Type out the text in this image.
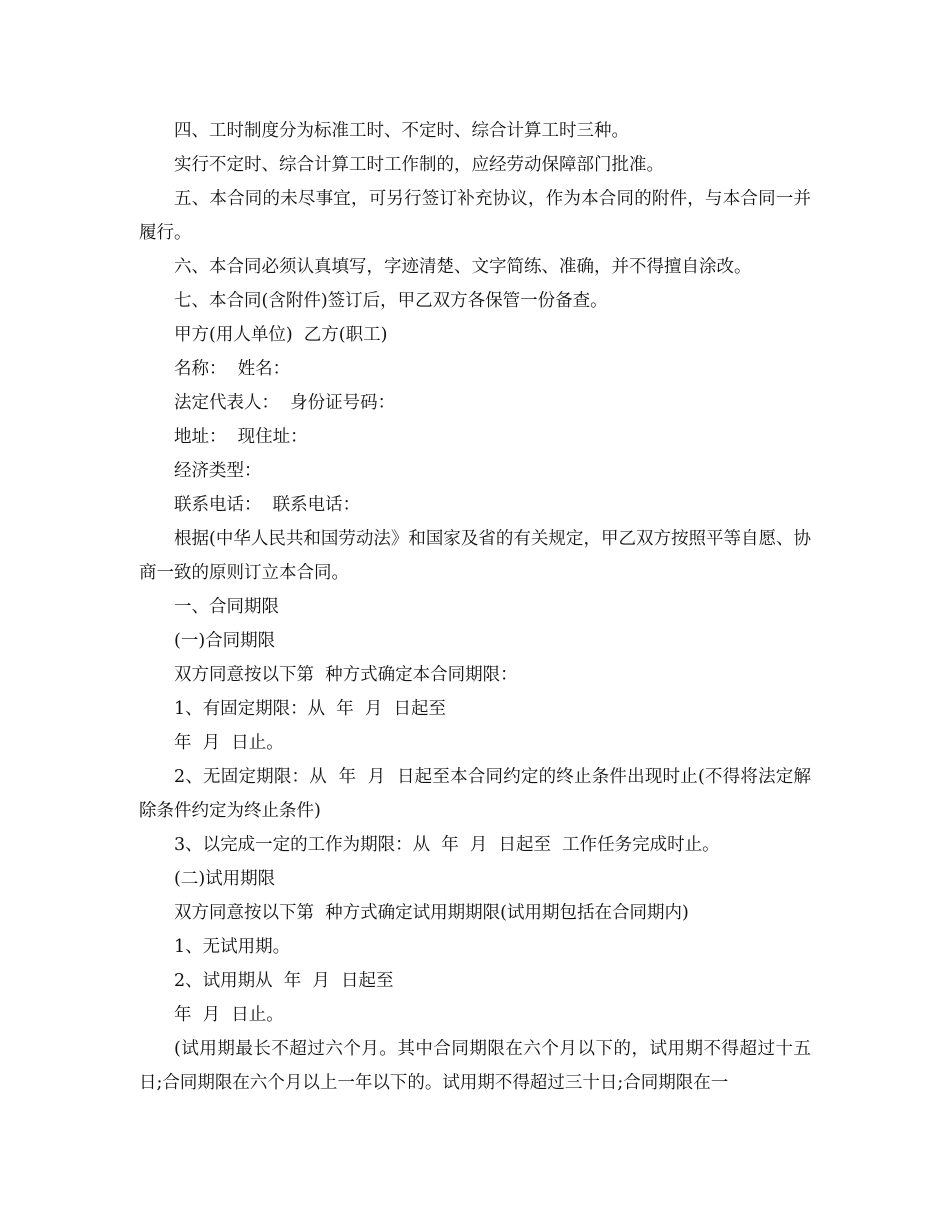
四、工时制度分为标准工时、不定时、综合计算工时三种。

实行不定时、综合计算工时工作制的，应经劳动保障部门批准。

五、本合同的未尽事宜，可另行签订补充协议，作为本合同的附件，与本合同一并履行。

六、本合同必须认真填写，字迹清楚、文字简练、准确，并不得擅自涂改。

七、本合同(含附件)签订后，甲乙双方各保管一份备查。

甲方(用人单位)  乙方(职工)

名称：  姓名：

法定代表人：  身份证号码：

地址：  现住址：

经济类型：

联系电话：  联系电话：

根据(中华人民共和国劳动法》和国家及省的有关规定，甲乙双方按照平等自愿、协商一致的原则订立本合同。

一、合同期限

(一)合同期限

双方同意按以下第  种方式确定本合同期限：

1、有固定期限：从  年  月  日起至

年  月  日止。

2、无固定期限：从  年  月  日起至本合同约定的终止条件出现时止(不得将法定解除条件约定为终止条件)

3、以完成一定的工作为期限：从  年  月  日起至  工作任务完成时止。

(二)试用期限

双方同意按以下第  种方式确定试用期期限(试用期包括在合同期内)

1、无试用期。

2、试用期从  年  月  日起至

年  月  日止。

(试用期最长不超过六个月。其中合同期限在六个月以下的，试用期不得超过十五日;合同期限在六个月以上一年以下的。试用期不得超过三十日;合同期限在一
